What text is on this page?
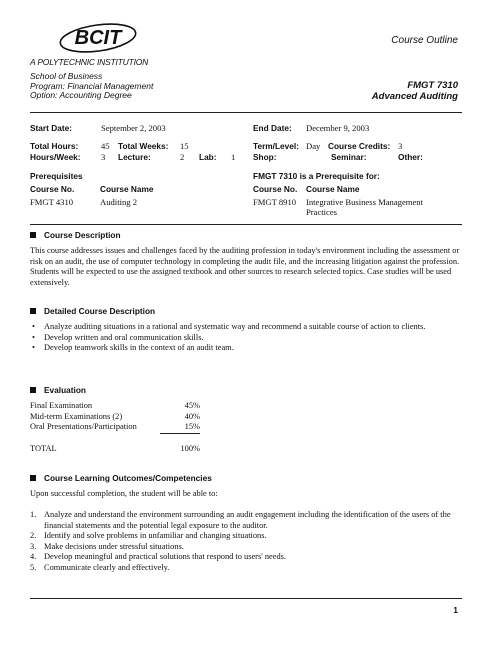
BCIT
A POLYTECHNIC INSTITUTION
Course Outline
School of Business
Program: Financial Management
Option: Accounting Degree
FMGT 7310
Advanced Auditing
Start Date:	September 2, 2003	End Date: December 9, 2003
Total Hours:	45 Total Weeks: 15	Term/Level: Day Course Credits: 3
Hours/Week: 3 Lecture:	2 Lab: 1 Shop:	Seminar:	Other:
Prerequisites
Course No.	Course Name
FMGT 4310	Auditing 2
FMGT 7310 is a Prerequisite for:
Course No. Course Name
FMGT 8910 Integrative Business Management Practices
Course Description
This course addresses issues and challenges faced by the auditing profession in today's environment including the assessment or risk on an audit, the use of computer technology in completing the audit file, and the increasing litigation against the profession. Students will be expected to use the assigned textbook and other sources to research selected topics. Case studies will be used extensively.
Detailed Course Description
• Analyze auditing situations in a rational and systematic way and recommend a suitable course of action to clients.
• Develop written and oral communication skills.
• Develop teamwork skills in the context of an audit team.
Evaluation
Final Examination	45%
Mid-term Examinations (2)	40%
Oral Presentations/Participation	15%
TOTAL	100%
Course Learning Outcomes/Competencies
Upon successful completion, the student will be able to:
1. Analyze and understand the environment surrounding an audit engagement including the identification of the users of the financial statements and the potential legal exposure to the auditor.
2. Identify and solve problems in unfamiliar and changing situations.
3. Make decisions under stressful situations.
4. Develop meaningful and practical solutions that respond to users' needs.
5. Communicate clearly and effectively.
1
